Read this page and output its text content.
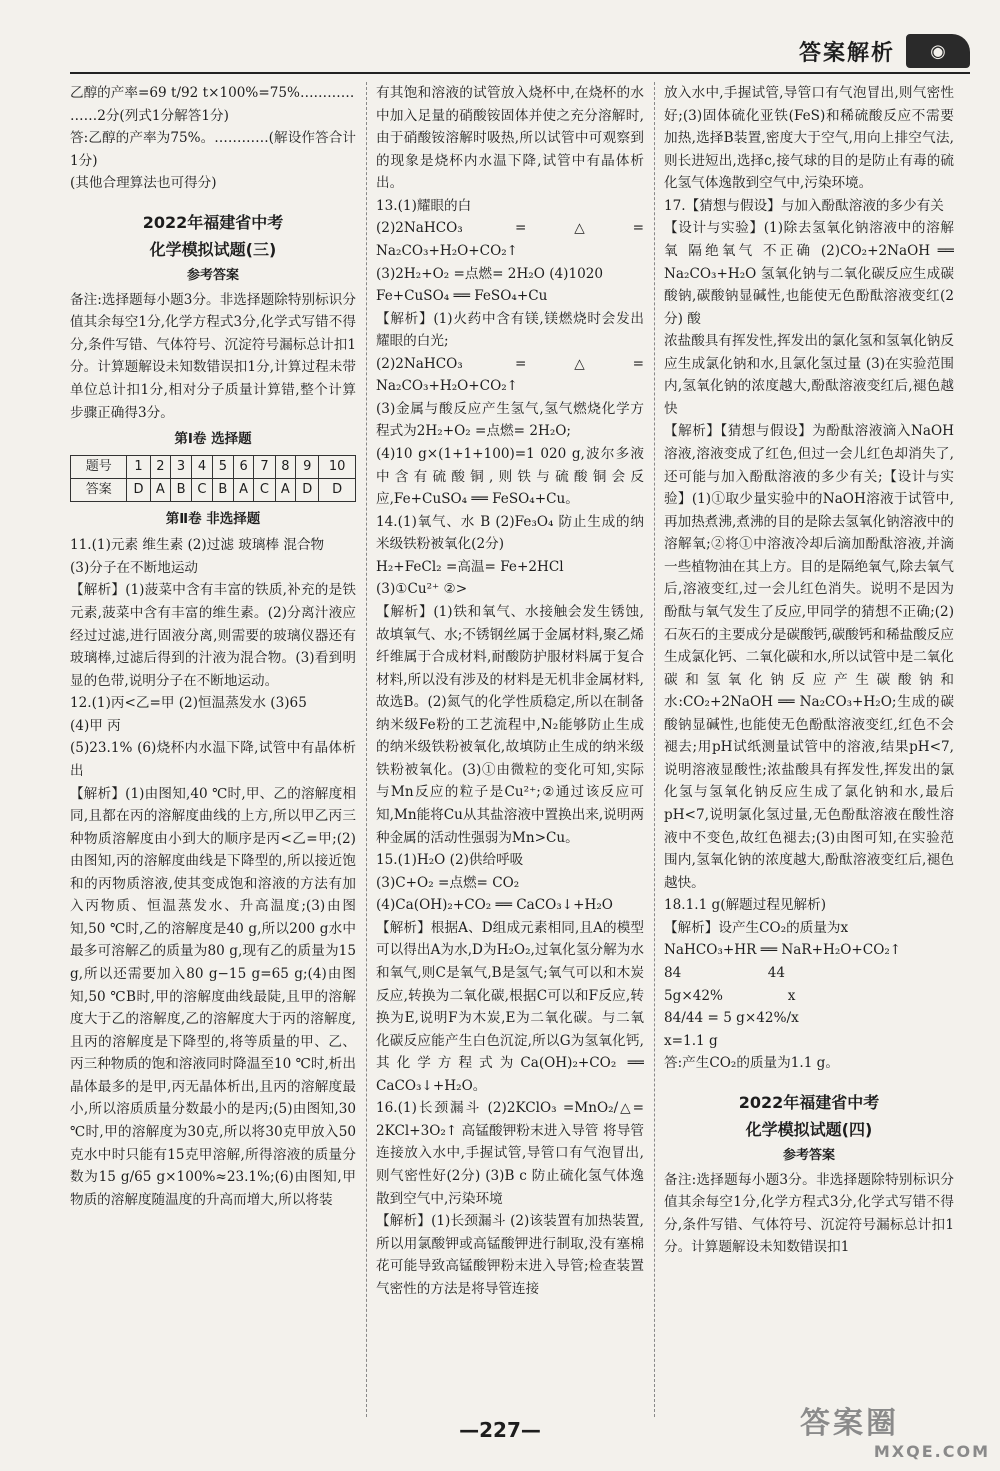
答案解析 ◉

乙醇的产率=69 t/92 t×100%=75%…………

……2分(列式1分解答1分)

答:乙醇的产率为75%。…………(解设作答合计1分)

(其他合理算法也可得分)

2022年福建省中考

化学模拟试题(三)

参考答案

备注:选择题每小题3分。非选择题除特别标识分值其余每空1分,化学方程式3分,化学式写错不得分,条件写错、气体符号、沉淀符号漏标总计扣1分。计算题解设未知数错误扣1分,计算过程未带单位总计扣1分,相对分子质量计算错,整个计算步骤正确得3分。

第Ⅰ卷 选择题

题号	1	2	3	4	5	6	7	8	9	10
答案	D	A	B	C	B	A	C	A	D	D

第Ⅱ卷 非选择题

11.(1)元素 维生素 (2)过滤 玻璃棒 混合物

(3)分子在不断地运动

【解析】(1)菠菜中含有丰富的铁质,补充的是铁元素,菠菜中含有丰富的维生素。(2)分离汁液应经过过滤,进行固液分离,则需要的玻璃仪器还有玻璃棒,过滤后得到的汁液为混合物。(3)看到明显的色带,说明分子在不断地运动。

12.(1)丙<乙=甲 (2)恒温蒸发水 (3)65

(4)甲 丙

(5)23.1% (6)烧杯内水温下降,试管中有晶体析出

【解析】(1)由图知,40 ℃时,甲、乙的溶解度相同,且都在丙的溶解度曲线的上方,所以甲乙丙三种物质溶解度由小到大的顺序是丙<乙=甲;(2)由图知,丙的溶解度曲线是下降型的,所以接近饱和的丙物质溶液,使其变成饱和溶液的方法有加入丙物质、恒温蒸发水、升高温度;(3)由图知,50 ℃时,乙的溶解度是40 g,所以200 g水中最多可溶解乙的质量为80 g,现有乙的质量为15 g,所以还需要加入80 g−15 g=65 g;(4)由图知,50 ℃B时,甲的溶解度曲线最陡,且甲的溶解度大于乙的溶解度,乙的溶解度大于丙的溶解度,且丙的溶解度是下降型的,将等质量的甲、乙、丙三种物质的饱和溶液同时降温至10 ℃时,析出晶体最多的是甲,丙无晶体析出,且丙的溶解度最小,所以溶质质量分数最小的是丙;(5)由图知,30 ℃时,甲的溶解度为30克,所以将30克甲放入50克水中时只能有15克甲溶解,所得溶液的质量分数为15 g/65 g×100%≈23.1%;(6)由图知,甲物质的溶解度随温度的升高而增大,所以将装

有其饱和溶液的试管放入烧杯中,在烧杯的水中加入足量的硝酸铵固体并使之充分溶解时,由于硝酸铵溶解时吸热,所以试管中可观察到的现象是烧杯内水温下降,试管中有晶体析出。

13.(1)耀眼的白

(2)2NaHCO₃ =△= Na₂CO₃+H₂O+CO₂↑

(3)2H₂+O₂ =点燃= 2H₂O (4)1020

Fe+CuSO₄ ══ FeSO₄+Cu

【解析】(1)火药中含有镁,镁燃烧时会发出耀眼的白光;

(2)2NaHCO₃ =△= Na₂CO₃+H₂O+CO₂↑

(3)金属与酸反应产生氢气,氢气燃烧化学方程式为2H₂+O₂ =点燃= 2H₂O;

(4)10 g×(1+1+100)=1 020 g,波尔多液中含有硫酸铜,则铁与硫酸铜会反应,Fe+CuSO₄ ══ FeSO₄+Cu。

14.(1)氧气、水 B (2)Fe₃O₄ 防止生成的纳米级铁粉被氧化(2分)

H₂+FeCl₂ =高温= Fe+2HCl

(3)①Cu²⁺ ②>

【解析】(1)铁和氧气、水接触会发生锈蚀,故填氧气、水;不锈钢丝属于金属材料,聚乙烯纤维属于合成材料,耐酸防护服材料属于复合材料,所以没有涉及的材料是无机非金属材料,故选B。(2)氮气的化学性质稳定,所以在制备纳米级Fe粉的工艺流程中,N₂能够防止生成的纳米级铁粉被氧化,故填防止生成的纳米级铁粉被氧化。(3)①由微粒的变化可知,实际与Mn反应的粒子是Cu²⁺;②通过该反应可知,Mn能将Cu从其盐溶液中置换出来,说明两种金属的活动性强弱为Mn>Cu。

15.(1)H₂O (2)供给呼吸

(3)C+O₂ =点燃= CO₂

(4)Ca(OH)₂+CO₂ ══ CaCO₃↓+H₂O

【解析】根据A、D组成元素相同,且A的模型可以得出A为水,D为H₂O₂,过氧化氢分解为水和氧气,则C是氧气,B是氢气;氧气可以和木炭反应,转换为二氧化碳,根据C可以和F反应,转换为E,说明F为木炭,E为二氧化碳。与二氧化碳反应能产生白色沉淀,所以G为氢氧化钙,其化学方程式为Ca(OH)₂+CO₂ ══ CaCO₃↓+H₂O。

16.(1)长颈漏斗 (2)2KClO₃ =MnO₂/△= 2KCl+3O₂↑ 高锰酸钾粉末进入导管 将导管连接放入水中,手握试管,导管口有气泡冒出,则气密性好(2分) (3)B c 防止硫化氢气体逸散到空气中,污染环境

【解析】(1)长颈漏斗 (2)该装置有加热装置,所以用氯酸钾或高锰酸钾进行制取,没有塞棉花可能导致高锰酸钾粉末进入导管;检查装置气密性的方法是将导管连接

放入水中,手握试管,导管口有气泡冒出,则气密性好;(3)固体硫化亚铁(FeS)和稀硫酸反应不需要加热,选择B装置,密度大于空气,用向上排空气法,则长进短出,选择c,接气球的目的是防止有毒的硫化氢气体逸散到空气中,污染环境。

17.【猜想与假设】与加入酚酞溶液的多少有关

【设计与实验】(1)除去氢氧化钠溶液中的溶解氧 隔绝氧气 不正确 (2)CO₂+2NaOH ══ Na₂CO₃+H₂O 氢氧化钠与二氧化碳反应生成碳酸钠,碳酸钠显碱性,也能使无色酚酞溶液变红(2分) 酸

浓盐酸具有挥发性,挥发出的氯化氢和氢氧化钠反应生成氯化钠和水,且氯化氢过量 (3)在实验范围内,氢氧化钠的浓度越大,酚酞溶液变红后,褪色越快

【解析】【猜想与假设】为酚酞溶液滴入NaOH溶液,溶液变成了红色,但过一会儿红色却消失了,还可能与加入酚酞溶液的多少有关;【设计与实验】(1)①取少量实验中的NaOH溶液于试管中,再加热煮沸,煮沸的目的是除去氢氧化钠溶液中的溶解氧;②将①中溶液冷却后滴加酚酞溶液,并滴一些植物油在其上方。目的是隔绝氧气,除去氧气后,溶液变红,过一会儿红色消失。说明不是因为酚酞与氧气发生了反应,甲同学的猜想不正确;(2)石灰石的主要成分是碳酸钙,碳酸钙和稀盐酸反应生成氯化钙、二氧化碳和水,所以试管中是二氧化碳和氢氧化钠反应产生碳酸钠和水:CO₂+2NaOH ══ Na₂CO₃+H₂O;生成的碳酸钠显碱性,也能使无色酚酞溶液变红,红色不会褪去;用pH试纸测量试管中的溶液,结果pH<7,说明溶液显酸性;浓盐酸具有挥发性,挥发出的氯化氢与氢氧化钠反应生成了氯化钠和水,最后pH<7,说明氯化氢过量,无色酚酞溶液在酸性溶液中不变色,故红色褪去;(3)由图可知,在实验范围内,氢氧化钠的浓度越大,酚酞溶液变红后,褪色越快。

18.1.1 g(解题过程见解析)

【解析】设产生CO₂的质量为x

NaHCO₃+HR ══ NaR+H₂O+CO₂↑

84                    44

5g×42%               x

84/44 = 5 g×42%/x

x=1.1 g

答:产生CO₂的质量为1.1 g。

2022年福建省中考

化学模拟试题(四)

参考答案

备注:选择题每小题3分。非选择题除特别标识分值其余每空1分,化学方程式3分,化学式写错不得分,条件写错、气体符号、沉淀符号漏标总计扣1分。计算题解设未知数错误扣1

—227—	答案圈
MXQE.COM
